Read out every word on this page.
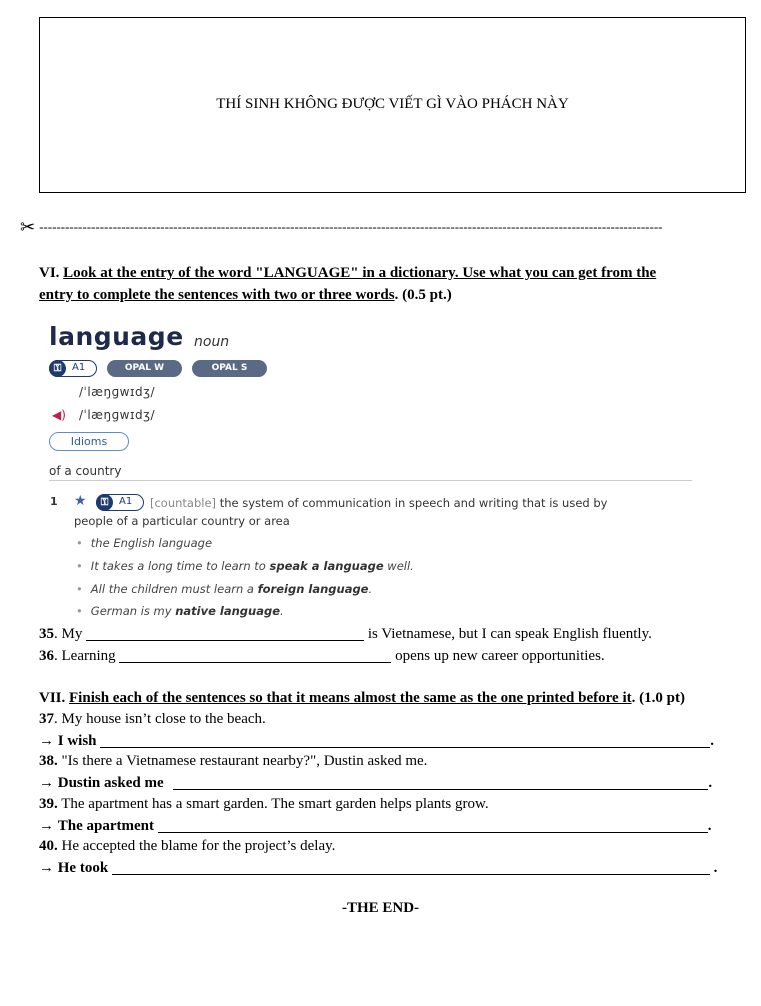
THÍ SINH KHÔNG ĐƯỢC VIẾT GÌ VÀO PHÁCH NÀY
✂ ------------------------------------------------------------------------------------------------------------------------------------------------
VI. Look at the entry of the word "LANGUAGE" in a dictionary. Use what you can get from the
entry to complete the sentences with two or three words. (0.5 pt.)
language noun
⚿	A1	OPAL W	OPAL S
/ˈlæŋɡwɪdʒ/
◀) /ˈlæŋɡwɪdʒ/
Idioms
of a country
1 ★	⚿	A1	[countable] the system of communication in speech and writing that is used by
people of a particular country or area
• the English language
• It takes a long time to learn to speak a language well.
• All the children must learn a foreign language.
• German is my native language.
35. My	is Vietnamese, but I can speak English fluently.
36. Learning	opens up new career opportunities.
VII. Finish each of the sentences so that it means almost the same as the one printed before it. (1.0 pt)
37. My house isn’t close to the beach.
→ I wish	.
38. "Is there a Vietnamese restaurant nearby?", Dustin asked me.
→ Dustin asked me	.
39. The apartment has a smart garden. The smart garden helps plants grow.
→ The apartment	.
40. He accepted the blame for the project’s delay.
→ He took	.
-THE END-
